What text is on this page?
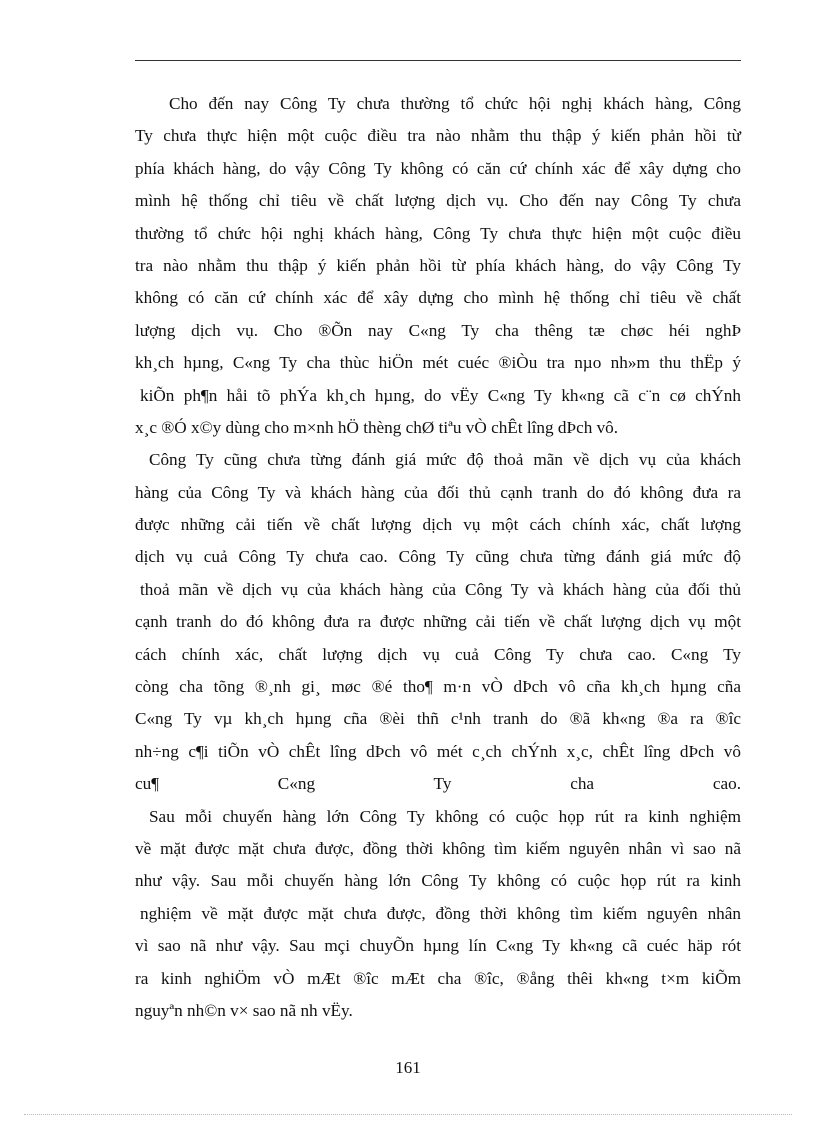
Cho đến nay Công Ty chưa thường tổ chức hội nghị khách hàng, Công
Ty chưa thực hiện một cuộc điều tra nào nhằm thu thập ý kiến phản hồi từ
phía khách hàng, do vậy Công Ty không có căn cứ chính xác để xây dựng cho
mình hệ thống chỉ tiêu về chất lượng dịch vụ. Cho đến nay Công Ty chưa
thường tổ chức hội nghị khách hàng, Công Ty chưa thực hiện một cuộc điều
tra nào nhằm thu thập ý kiến phản hồi từ phía khách hàng, do vậy Công Ty
không có căn cứ chính xác để xây dựng cho mình hệ thống chỉ tiêu về chất
lượng dịch vụ. Cho ®Õn nay C«ng Ty cha thêng tæ chøc héi nghÞ
kh¸ch hµng, C«ng Ty cha thùc hiÖn mét cuéc ®iÒu tra nµo nh»m thu thËp ý
kiÕn ph¶n håi tõ phÝa kh¸ch hµng, do vËy C«ng Ty kh«ng cã c¨n cø chÝnh
x¸c ®Ó x©y dùng cho m×nh hÖ thèng chØ tiªu vÒ chÊt lîng dÞch vô.
Công Ty cũng chưa từng đánh giá mức độ thoả mãn về dịch vụ của khách
hàng của Công Ty và khách hàng của đối thủ cạnh tranh do đó không đưa ra
được những cải tiến về chất lượng dịch vụ một cách chính xác, chất lượng
dịch vụ cuả Công Ty chưa cao. Công Ty cũng chưa từng đánh giá mức độ
thoả mãn về dịch vụ của khách hàng của Công Ty và khách hàng của đối thủ
cạnh tranh do đó không đưa ra được những cải tiến về chất lượng dịch vụ một
cách chính xác, chất lượng dịch vụ cuả Công Ty chưa cao. C«ng Ty
còng cha tõng ®¸nh gi¸ møc ®é tho¶ m·n vÒ dÞch vô cña kh¸ch hµng cña
C«ng Ty vµ kh¸ch hµng cña ®èi thñ c¹nh tranh do ®ã kh«ng ®a ra ®îc
nh÷ng c¶i tiÕn vÒ chÊt lîng dÞch vô mét c¸ch chÝnh x¸c, chÊt lîng dÞch vô
cu¶ C«ng Ty cha cao.
Sau mỗi chuyến hàng lớn Công Ty không có cuộc họp rút ra kinh nghiệm
về mặt được mặt chưa được, đồng thời không tìm kiếm nguyên nhân vì sao nã
như vậy. Sau mỗi chuyến hàng lớn Công Ty không có cuộc họp rút ra kinh
nghiệm về mặt được mặt chưa được, đồng thời không tìm kiếm nguyên nhân
vì sao nã như vậy. Sau mçi chuyÕn hµng lín C«ng Ty kh«ng cã cuéc häp rót
ra kinh nghiÖm vÒ mÆt ®îc mÆt cha ®îc, ®ång thêi kh«ng t×m kiÕm
nguyªn nh©n v× sao nã nh vËy.
161
